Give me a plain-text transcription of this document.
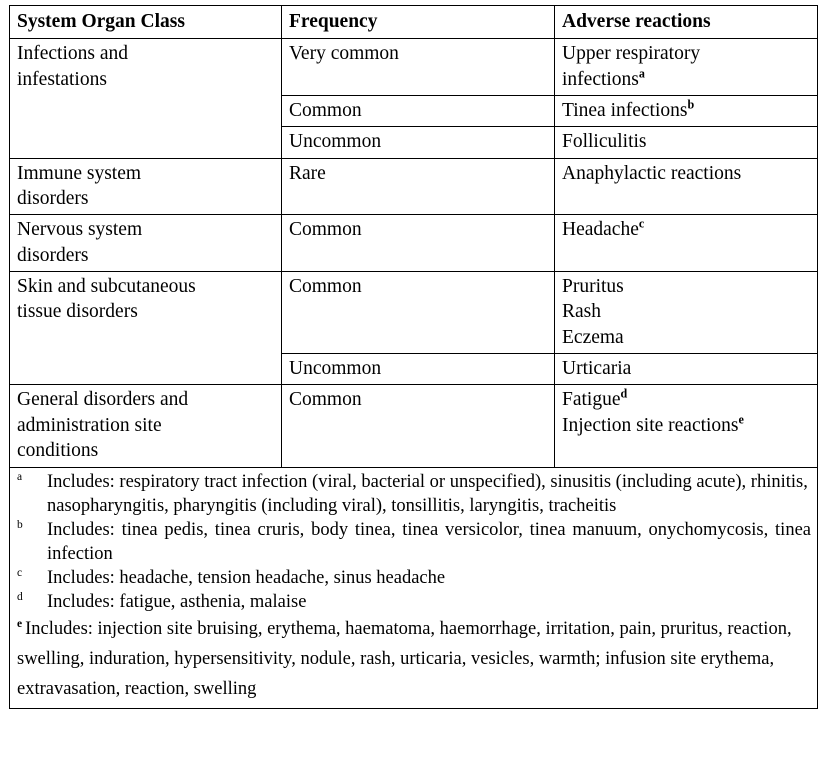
System Organ Class	Frequency	Adverse reactions

Infections and
infestations
	Very common	Upper respiratory
infections$^a$

	Common	Tinea infections$^b$

	Uncommon	Folliculitis

Immune system
disorders	Rare	Anaphylactic reactions

Nervous system
disorders	Common	Headache$^c$

Skin and subcutaneous
tissue disorders
	Common	Pruritus
Rash
Eczema

	Uncommon	Urticaria

General disorders and
administration site
conditions
	Common	Fatigue$^d$
Injection site reactions$^e$

$^a$ Includes: respiratory tract infection (viral, bacterial or unspecified), sinusitis (including acute), rhinitis, nasopharyngitis, pharyngitis (including viral), tonsillitis, laryngitis, tracheitis

$^b$ Includes: tinea pedis, tinea cruris, body tinea, tinea versicolor, tinea manuum, onychomycosis, tinea infection

$^c$ Includes: headache, tension headache, sinus headache

$^d$ Includes: fatigue, asthenia, malaise

$^e$ Includes: injection site bruising, erythema, haematoma, haemorrhage, irritation, pain, pruritus, reaction, swelling, induration, hypersensitivity, nodule, rash, urticaria, vesicles, warmth; infusion site erythema, extravasation, reaction, swelling		
